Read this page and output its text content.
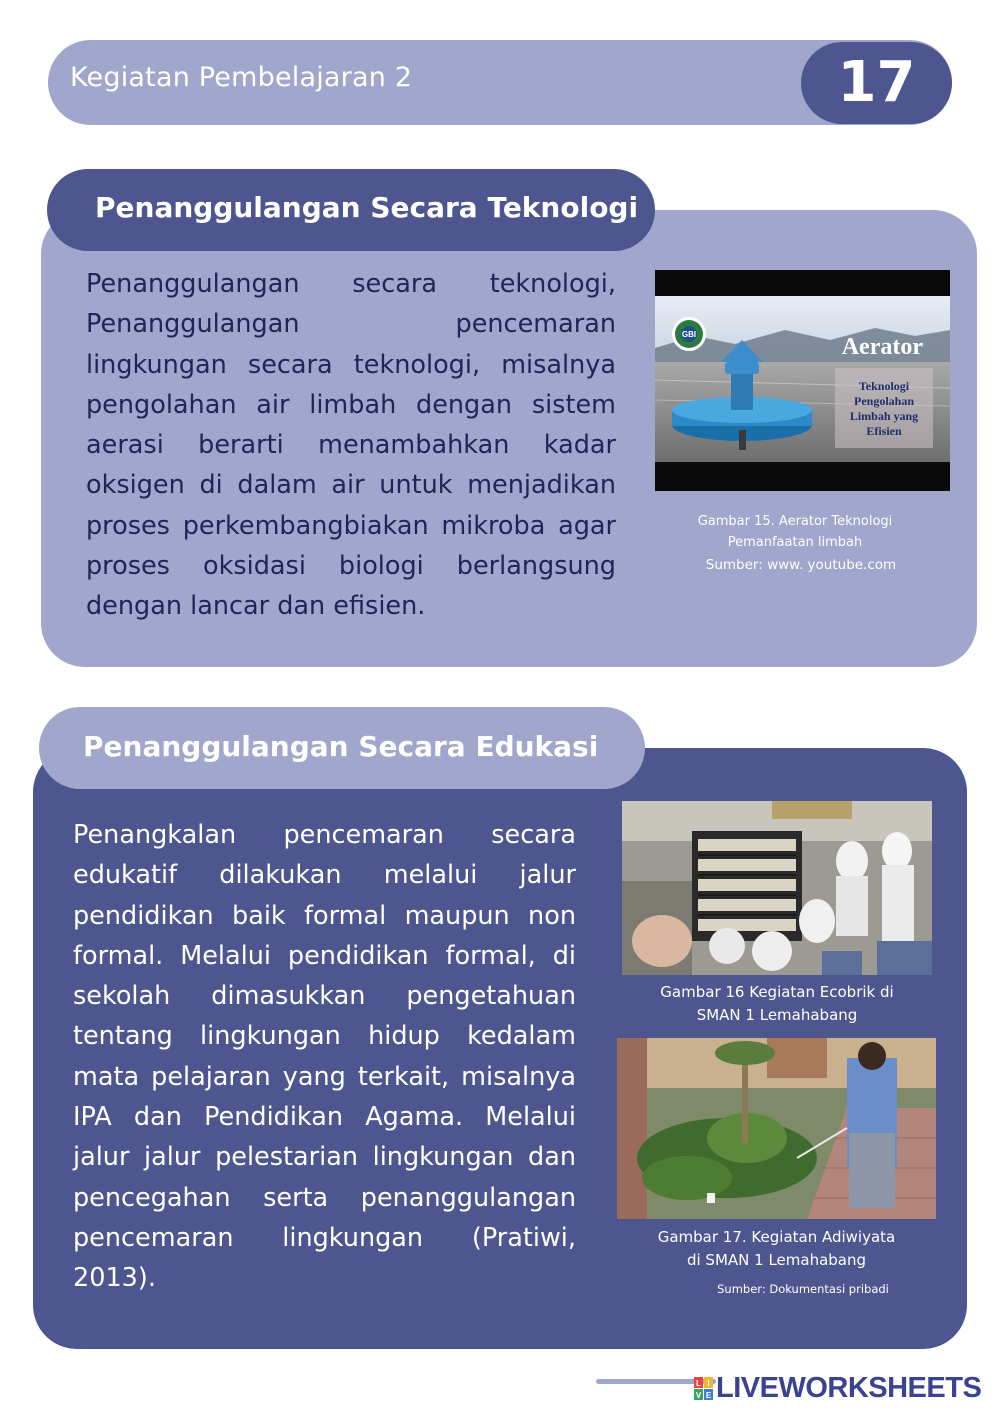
Kegiatan Pembelajaran 2	17
Penanggulangan Secara Teknologi
Penanggulangan secara teknologi, Penanggulangan pencemaran lingkungan secara teknologi, misalnya pengolahan air limbah dengan sistem aerasi berarti menambahkan kadar oksigen di dalam air untuk menjadikan proses perkembangbiakan mikroba agar proses oksidasi biologi berlangsung dengan lancar dan efisien.
GBI	Aerator
Teknologi
Pengolahan
Limbah yang
Efisien
Gambar 15. Aerator Teknologi
Pemanfaatan limbah
Sumber: www. youtube.com
Penanggulangan Secara Edukasi
Penangkalan pencemaran secara edukatif dilakukan melalui jalur pendidikan baik formal maupun non formal. Melalui pendidikan formal, di sekolah dimasukkan pengetahuan tentang lingkungan hidup kedalam mata pelajaran yang terkait, misalnya IPA dan Pendidikan Agama. Melalui jalur jalur pelestarian lingkungan dan pencegahan serta penanggulangan pencemaran lingkungan (Pratiwi, 2013).
Gambar 16 Kegiatan Ecobrik di
SMAN 1 Lemahabang
Gambar 17. Kegiatan Adiwiyata
di SMAN 1 Lemahabang
Sumber: Dokumentasi pribadi
L I
V E LIVEWORKSHEETS
